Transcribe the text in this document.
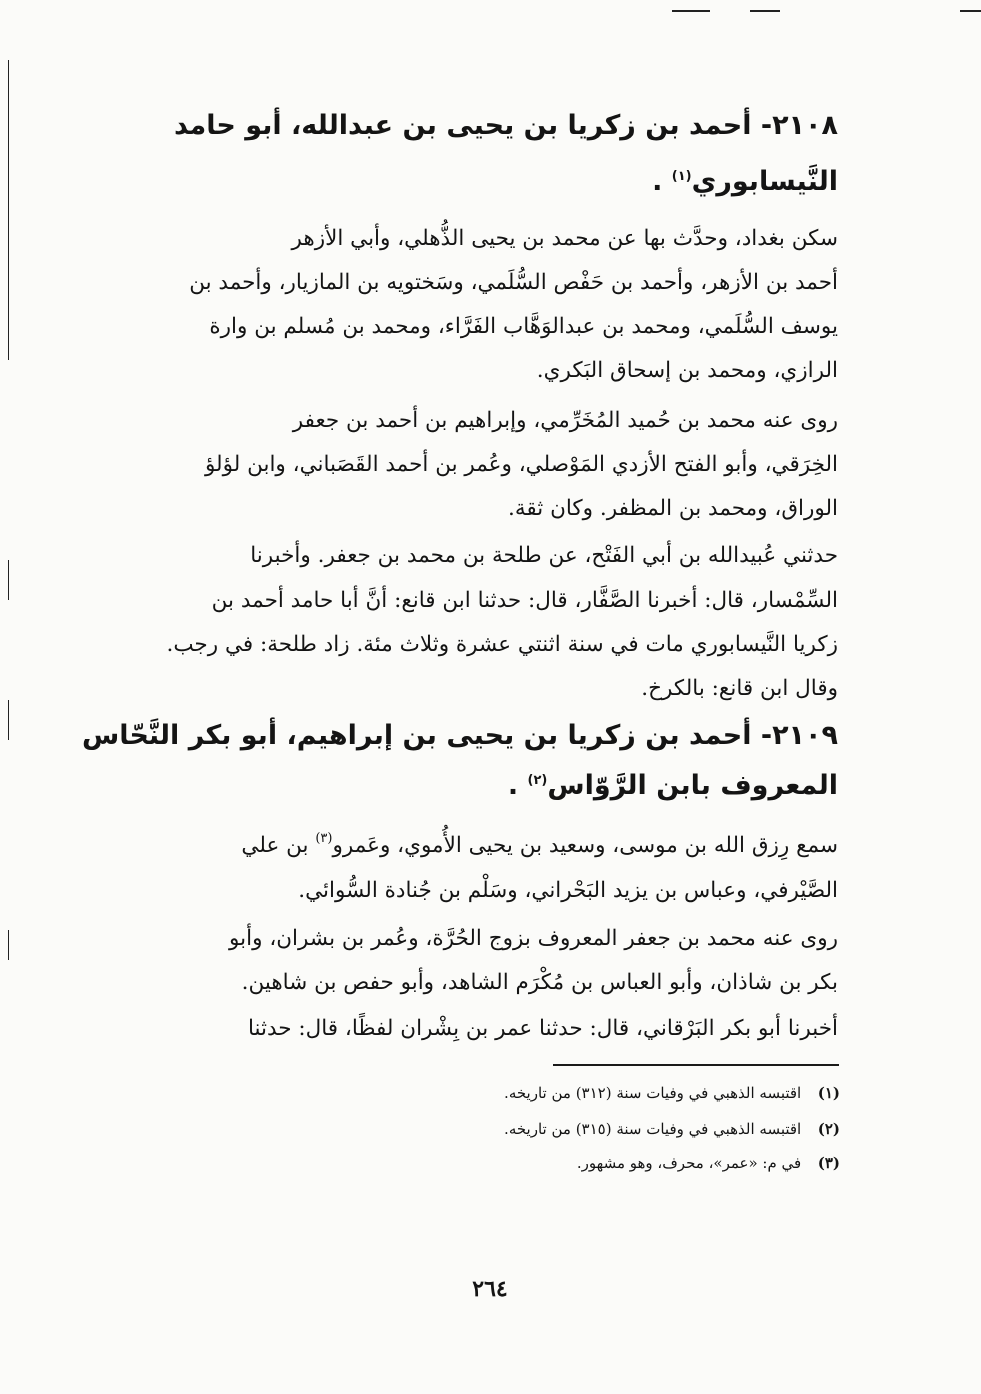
٢١٠٨- أحمد بن زكريا بن يحيى بن عبدالله، أبو حامد
النَّيسابوري$^{(١)}$ .
سكن بغداد، وحدَّث بها عن محمد بن يحيى الذُّهلي، وأبي الأزهر
أحمد بن الأزهر، وأحمد بن حَفْص السُّلَمي، وسَختويه بن المازيار، وأحمد بن
يوسف السُّلَمي، ومحمد بن عبدالوَهَّاب الفَرَّاء، ومحمد بن مُسلم بن وارة
الرازي، ومحمد بن إسحاق البَكري.
روى عنه محمد بن حُميد المُخَرِّمي، وإبراهيم بن أحمد بن جعفر
الخِرَقي، وأبو الفتح الأزدي المَوْصلي، وعُمر بن أحمد القَصَباني، وابن لؤلؤ
الوراق، ومحمد بن المظفر. وكان ثقة.
حدثني عُبيدالله بن أبي الفَتْح، عن طلحة بن محمد بن جعفر. وأخبرنا
السِّمْسار، قال: أخبرنا الصَّفَّار، قال: حدثنا ابن قانع: أنَّ أبا حامد أحمد بن
زكريا النَّيسابوري مات في سنة اثنتي عشرة وثلاث مئة. زاد طلحة: في رجب.
وقال ابن قانع: بالكرخ.
٢١٠٩- أحمد بن زكريا بن يحيى بن إبراهيم، أبو بكر النَّحّاس
المعروف بابن الرَّوّاس$^{(٢)}$ .
سمع رِزق الله بن موسى، وسعيد بن يحيى الأُموي، وعَمرو$^{(٣)}$ بن علي
الصَّيْرفي، وعباس بن يزيد البَحْراني، وسَلْم بن جُنادة السُّوائي.
روى عنه محمد بن جعفر المعروف بزوج الحُرَّة، وعُمر بن بشران، وأبو
بكر بن شاذان، وأبو العباس بن مُكْرَم الشاهد، وأبو حفص بن شاهين.
أخبرنا أبو بكر البَرْقاني، قال: حدثنا عمر بن بِشْران لفظًا، قال: حدثنا
(١) اقتبسه الذهبي في وفيات سنة (٣١٢) من تاريخه.
(٢) اقتبسه الذهبي في وفيات سنة (٣١٥) من تاريخه.
(٣) في م: «عمر»، محرف، وهو مشهور.
٢٦٤
